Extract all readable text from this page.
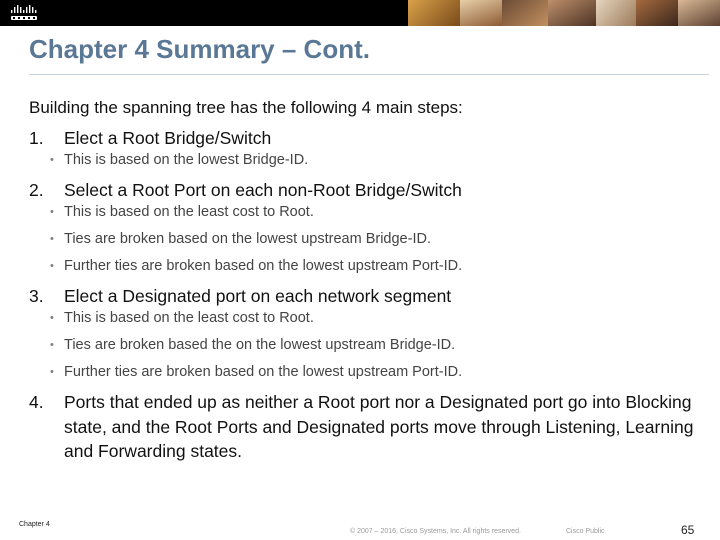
Chapter 4 Summary – Cont.

Building the spanning tree has the following 4 main steps:

1. Elect a Root Bridge/Switch
• This is based on the lowest Bridge-ID.
2. Select a Root Port on each non-Root Bridge/Switch
• This is based on the least cost to Root.
• Ties are broken based on the lowest upstream Bridge-ID.
• Further ties are broken based on the lowest upstream Port-ID.
3. Elect a Designated port on each network segment
• This is based on the least cost to Root.
• Ties are broken based the on the lowest upstream Bridge-ID.
• Further ties are broken based on the lowest upstream Port-ID.
4. Ports that ended up as neither a Root port nor a Designated port go into Blocking state, and the Root Ports and Designated ports move through Listening, Learning and Forwarding states.
Chapter 4
© 2007 – 2016, Cisco Systems, Inc. All rights reserved.	Cisco Public	65
